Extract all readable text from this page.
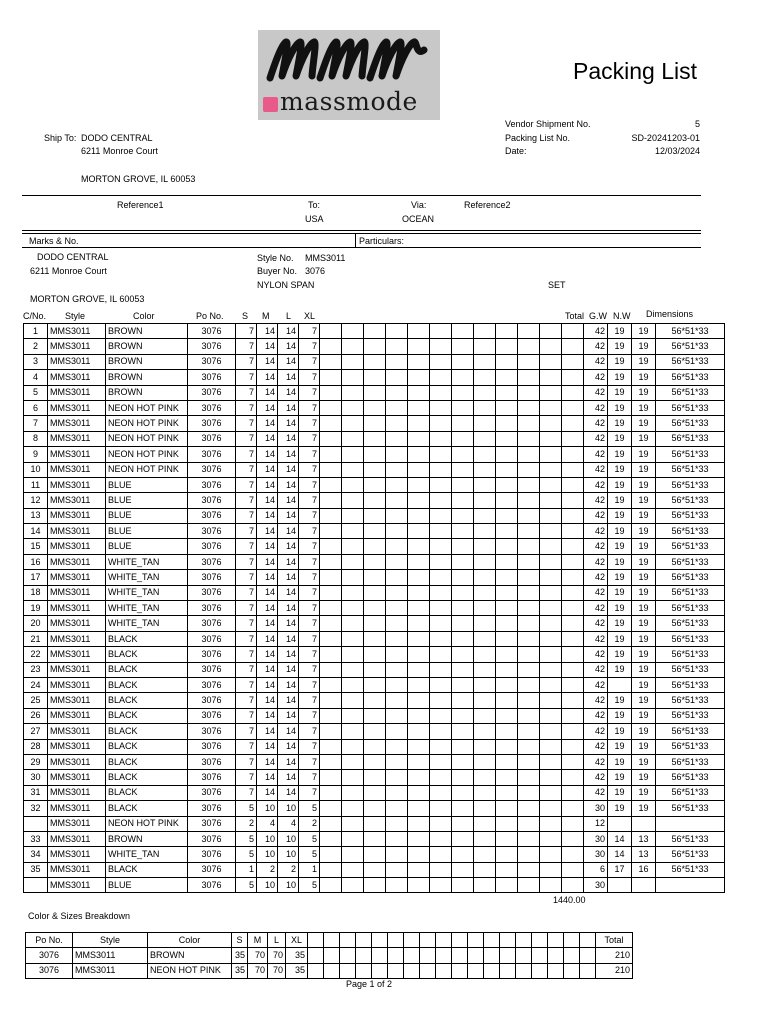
massmode
Packing List
Vendor Shipment No.	5
Packing List No.	SD-20241203-01
Date:	12/03/2024
Ship To: DODO CENTRAL
6211 Monroe Court
MORTON GROVE, IL 60053
Reference1	To:
USA
Via:
OCEAN
Reference2
Marks & No.	Particulars:
DODO CENTRAL
6211 Monroe Court
MORTON GROVE, IL 60053
Style No. MMS3011
Buyer No. 3076
NYLON SPAN	SET
C/No. Style	Color	Po No. S M L XL	Total G.W N.W Dimensions
1	MMS3011	BROWN	3076	7	14	14	7													42	19	19	56*51*33
2	MMS3011	BROWN	3076	7	14	14	7													42	19	19	56*51*33
3	MMS3011	BROWN	3076	7	14	14	7													42	19	19	56*51*33
4	MMS3011	BROWN	3076	7	14	14	7													42	19	19	56*51*33
5	MMS3011	BROWN	3076	7	14	14	7													42	19	19	56*51*33
6	MMS3011	NEON HOT PINK	3076	7	14	14	7													42	19	19	56*51*33
7	MMS3011	NEON HOT PINK	3076	7	14	14	7													42	19	19	56*51*33
8	MMS3011	NEON HOT PINK	3076	7	14	14	7													42	19	19	56*51*33
9	MMS3011	NEON HOT PINK	3076	7	14	14	7													42	19	19	56*51*33
10	MMS3011	NEON HOT PINK	3076	7	14	14	7													42	19	19	56*51*33
11	MMS3011	BLUE	3076	7	14	14	7													42	19	19	56*51*33
12	MMS3011	BLUE	3076	7	14	14	7													42	19	19	56*51*33
13	MMS3011	BLUE	3076	7	14	14	7													42	19	19	56*51*33
14	MMS3011	BLUE	3076	7	14	14	7													42	19	19	56*51*33
15	MMS3011	BLUE	3076	7	14	14	7													42	19	19	56*51*33
16	MMS3011	WHITE_TAN	3076	7	14	14	7													42	19	19	56*51*33
17	MMS3011	WHITE_TAN	3076	7	14	14	7													42	19	19	56*51*33
18	MMS3011	WHITE_TAN	3076	7	14	14	7													42	19	19	56*51*33
19	MMS3011	WHITE_TAN	3076	7	14	14	7													42	19	19	56*51*33
20	MMS3011	WHITE_TAN	3076	7	14	14	7													42	19	19	56*51*33
21	MMS3011	BLACK	3076	7	14	14	7													42	19	19	56*51*33
22	MMS3011	BLACK	3076	7	14	14	7													42	19	19	56*51*33
23	MMS3011	BLACK	3076	7	14	14	7													42	19	19	56*51*33
24	MMS3011	BLACK	3076	7	14	14	7													42		19	56*51*33
25	MMS3011	BLACK	3076	7	14	14	7													42	19	19	56*51*33
26	MMS3011	BLACK	3076	7	14	14	7													42	19	19	56*51*33
27	MMS3011	BLACK	3076	7	14	14	7													42	19	19	56*51*33
28	MMS3011	BLACK	3076	7	14	14	7													42	19	19	56*51*33
29	MMS3011	BLACK	3076	7	14	14	7													42	19	19	56*51*33
30	MMS3011	BLACK	3076	7	14	14	7													42	19	19	56*51*33
31	MMS3011	BLACK	3076	7	14	14	7													42	19	19	56*51*33
32	MMS3011	BLACK	3076	5	10	10	5													30	19	19	56*51*33
	MMS3011	NEON HOT PINK	3076	2	4	4	2													12			
33	MMS3011	BROWN	3076	5	10	10	5													30	14	13	56*51*33
34	MMS3011	WHITE_TAN	3076	5	10	10	5													30	14	13	56*51*33
35	MMS3011	BLACK	3076	1	2	2	1													6	17	16	56*51*33
	MMS3011	BLUE	3076	5	10	10	5													30			
1440.00
Color & Sizes Breakdown
Po No.	Style	Color	S	M	L	XL																			Total
3076	MMS3011	BROWN	35	70	70	35																			210
3076	MMS3011	NEON HOT PINK	35	70	70	35																			210
Page 1 of 2
